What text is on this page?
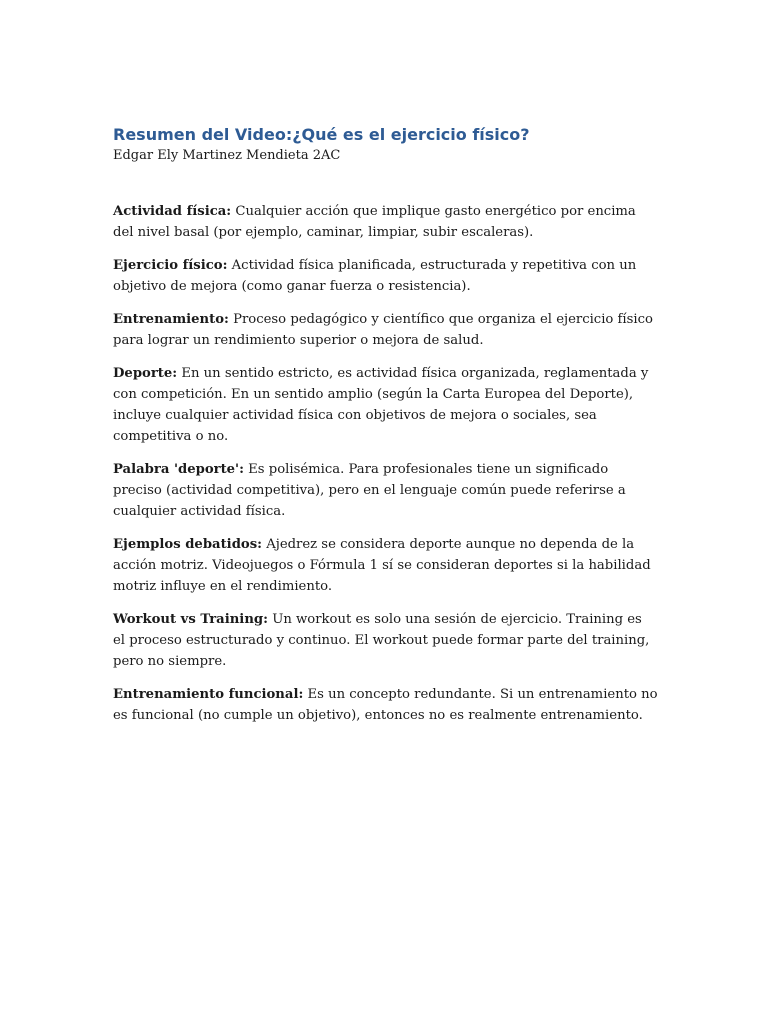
Resumen del Video:¿Qué es el ejercicio físico?

Edgar Ely Martinez Mendieta 2AC

Actividad física: Cualquier acción que implique gasto energético por encima del nivel basal (por ejemplo, caminar, limpiar, subir escaleras).

Ejercicio físico: Actividad física planificada, estructurada y repetitiva con un objetivo de mejora (como ganar fuerza o resistencia).

Entrenamiento: Proceso pedagógico y científico que organiza el ejercicio físico para lograr un rendimiento superior o mejora de salud.

Deporte: En un sentido estricto, es actividad física organizada, reglamentada y con competición. En un sentido amplio (según la Carta Europea del Deporte), incluye cualquier actividad física con objetivos de mejora o sociales, sea competitiva o no.

Palabra 'deporte': Es polisémica. Para profesionales tiene un significado preciso (actividad competitiva), pero en el lenguaje común puede referirse a cualquier actividad física.

Ejemplos debatidos: Ajedrez se considera deporte aunque no dependa de la acción motriz. Videojuegos o Fórmula 1 sí se consideran deportes si la habilidad motriz influye en el rendimiento.

Workout vs Training: Un workout es solo una sesión de ejercicio. Training es el proceso estructurado y continuo. El workout puede formar parte del training, pero no siempre.

Entrenamiento funcional: Es un concepto redundante. Si un entrenamiento no es funcional (no cumple un objetivo), entonces no es realmente entrenamiento.
